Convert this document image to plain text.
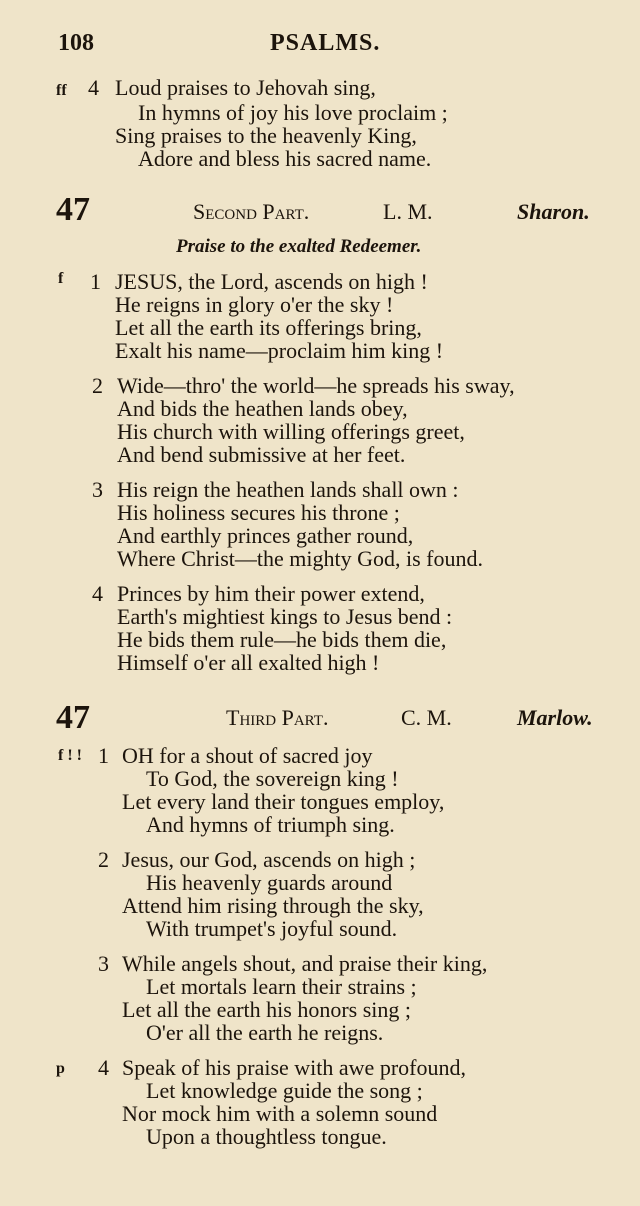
108	PSALMS.
ff 4 Loud praises to Jehovah sing,
In hymns of joy his love proclaim ;
Sing praises to the heavenly King,
Adore and bless his sacred name.
47	Second Part.	L. M.	Sharon.
Praise to the exalted Redeemer.
f 1 JESUS, the Lord, ascends on high !
He reigns in glory o'er the sky !
Let all the earth its offerings bring,
Exalt his name—proclaim him king !
2 Wide—thro' the world—he spreads his sway,
And bids the heathen lands obey,
His church with willing offerings greet,
And bend submissive at her feet.
3 His reign the heathen lands shall own :
His holiness secures his throne ;
And earthly princes gather round,
Where Christ—the mighty God, is found.
4 Princes by him their power extend,
Earth's mightiest kings to Jesus bend :
He bids them rule—he bids them die,
Himself o'er all exalted high !
47	Third Part.	C. M.	Marlow.
f ! ! 1 OH for a shout of sacred joy
To God, the sovereign king !
Let every land their tongues employ,
And hymns of triumph sing.
2 Jesus, our God, ascends on high ;
His heavenly guards around
Attend him rising through the sky,
With trumpet's joyful sound.
3 While angels shout, and praise their king,
Let mortals learn their strains ;
Let all the earth his honors sing ;
O'er all the earth he reigns.
p 4 Speak of his praise with awe profound,
Let knowledge guide the song ;
Nor mock him with a solemn sound
Upon a thoughtless tongue.
